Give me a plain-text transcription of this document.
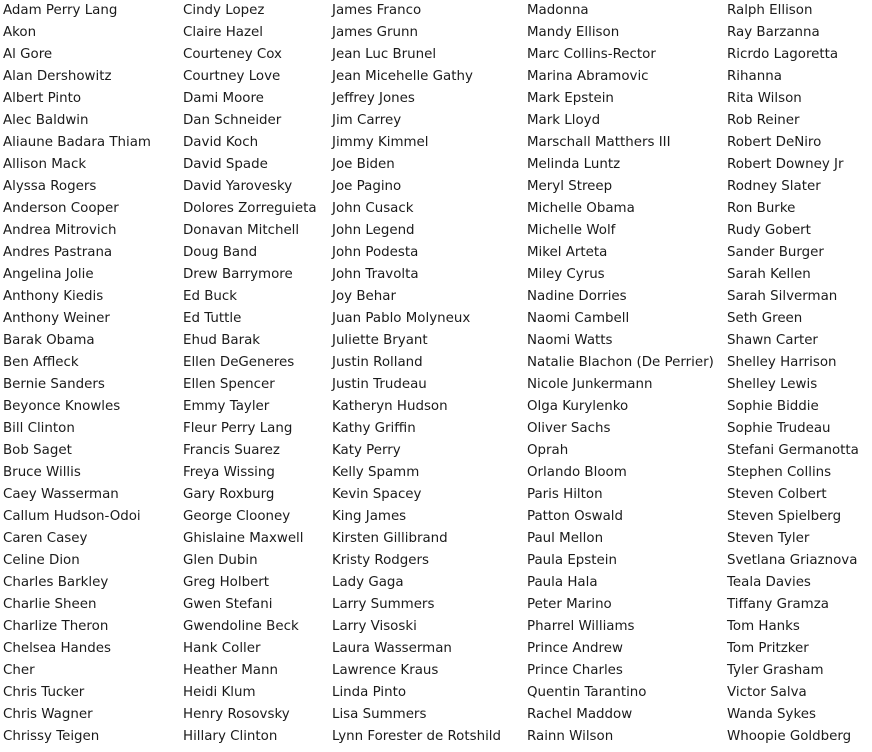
Adam Perry Lang
Akon
Al Gore
Alan Dershowitz
Albert Pinto
Alec Baldwin
Aliaune Badara Thiam
Allison Mack
Alyssa Rogers
Anderson Cooper
Andrea Mitrovich
Andres Pastrana
Angelina Jolie
Anthony Kiedis
Anthony Weiner
Barak Obama
Ben Affleck
Bernie Sanders
Beyonce Knowles
Bill Clinton
Bob Saget
Bruce Willis
Caey Wasserman
Callum Hudson-Odoi
Caren Casey
Celine Dion
Charles Barkley
Charlie Sheen
Charlize Theron
Chelsea Handes
Cher
Chris Tucker
Chris Wagner
Chrissy Teigen
Cindy Lopez
Claire Hazel
Courteney Cox
Courtney Love
Dami Moore
Dan Schneider
David Koch
David Spade
David Yarovesky
Dolores Zorreguieta
Donavan Mitchell
Doug Band
Drew Barrymore
Ed Buck
Ed Tuttle
Ehud Barak
Ellen DeGeneres
Ellen Spencer
Emmy Tayler
Fleur Perry Lang
Francis Suarez
Freya Wissing
Gary Roxburg
George Clooney
Ghislaine Maxwell
Glen Dubin
Greg Holbert
Gwen Stefani
Gwendoline Beck
Hank Coller
Heather Mann
Heidi Klum
Henry Rosovsky
Hillary Clinton
James Franco
James Grunn
Jean Luc Brunel
Jean Micehelle Gathy
Jeffrey Jones
Jim Carrey
Jimmy Kimmel
Joe Biden
Joe Pagino
John Cusack
John Legend
John Podesta
John Travolta
Joy Behar
Juan Pablo Molyneux
Juliette Bryant
Justin Rolland
Justin Trudeau
Katheryn Hudson
Kathy Griffin
Katy Perry
Kelly Spamm
Kevin Spacey
King James
Kirsten Gillibrand
Kristy Rodgers
Lady Gaga
Larry Summers
Larry Visoski
Laura Wasserman
Lawrence Kraus
Linda Pinto
Lisa Summers
Lynn Forester de Rotshild
Madonna
Mandy Ellison
Marc Collins-Rector
Marina Abramovic
Mark Epstein
Mark Lloyd
Marschall Matthers III
Melinda Luntz
Meryl Streep
Michelle Obama
Michelle Wolf
Mikel Arteta
Miley Cyrus
Nadine Dorries
Naomi Cambell
Naomi Watts
Natalie Blachon (De Perrier)
Nicole Junkermann
Olga Kurylenko
Oliver Sachs
Oprah
Orlando Bloom
Paris Hilton
Patton Oswald
Paul Mellon
Paula Epstein
Paula Hala
Peter Marino
Pharrel Williams
Prince Andrew
Prince Charles
Quentin Tarantino
Rachel Maddow
Rainn Wilson
Ralph Ellison
Ray Barzanna
Ricrdo Lagoretta
Rihanna
Rita Wilson
Rob Reiner
Robert DeNiro
Robert Downey Jr
Rodney Slater
Ron Burke
Rudy Gobert
Sander Burger
Sarah Kellen
Sarah Silverman
Seth Green
Shawn Carter
Shelley Harrison
Shelley Lewis
Sophie Biddie
Sophie Trudeau
Stefani Germanotta
Stephen Collins
Steven Colbert
Steven Spielberg
Steven Tyler
Svetlana Griaznova
Teala Davies
Tiffany Gramza
Tom Hanks
Tom Pritzker
Tyler Grasham
Victor Salva
Wanda Sykes
Whoopie Goldberg
